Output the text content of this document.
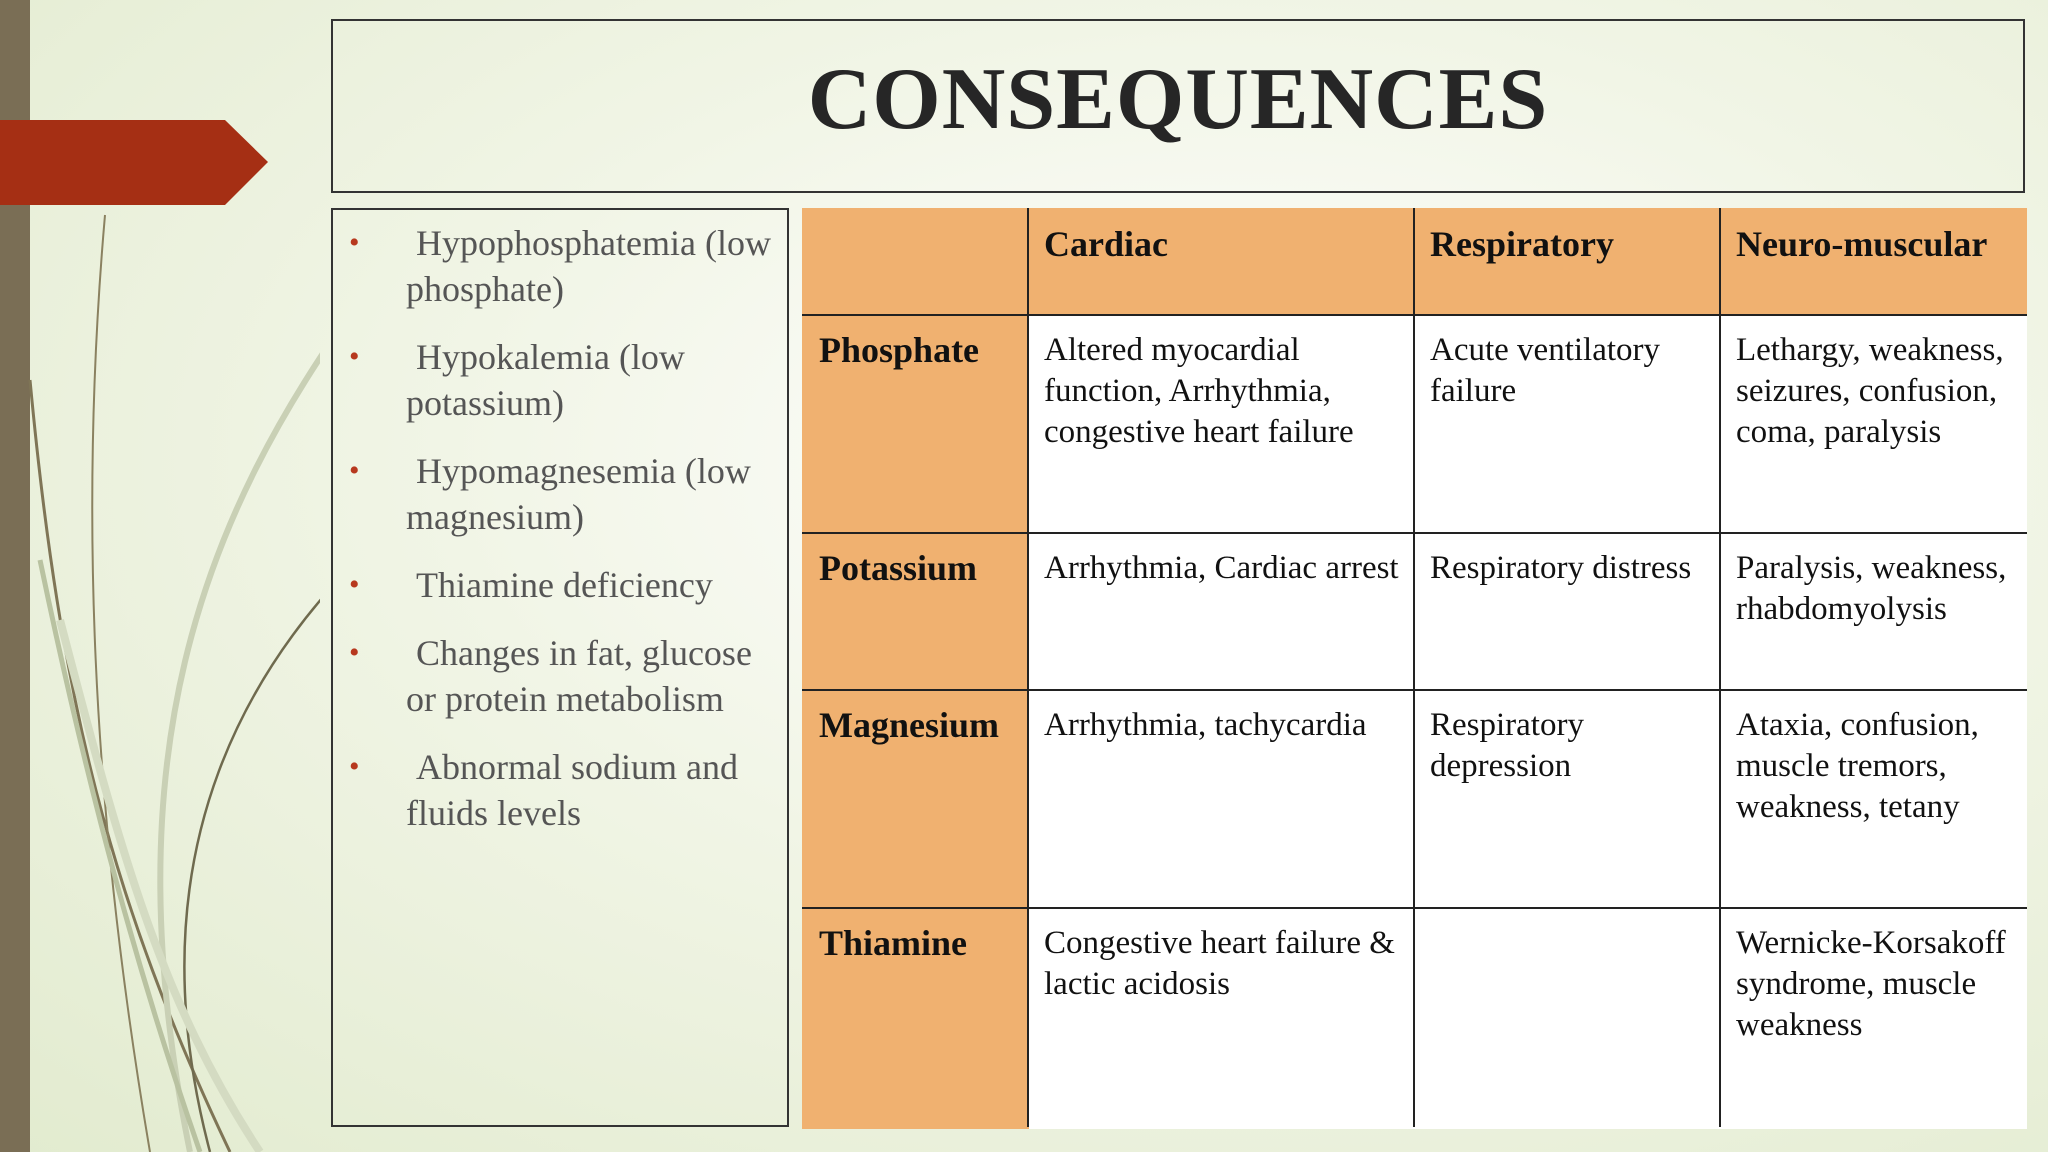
CONSEQUENCES
• Hypophosphatemia (low phosphate)
• Hypokalemia (low potassium)
• Hypomagnesemia (low magnesium)
• Thiamine deficiency
• Changes in fat, glucose or protein metabolism
• Abnormal sodium and fluids levels
	Cardiac	Respiratory	Neuro-muscular
Phosphate	Altered myocardial function, Arrhythmia, congestive heart failure	Acute ventilatory failure	Lethargy, weakness, seizures, confusion, coma, paralysis
Potassium	Arrhythmia, Cardiac arrest	Respiratory distress	Paralysis, weakness, rhabdomyolysis
Magnesium	Arrhythmia, tachycardia	Respiratory depression	Ataxia, confusion, muscle tremors, weakness, tetany
Thiamine	Congestive heart failure & lactic acidosis		Wernicke-Korsakoff syndrome, muscle weakness
